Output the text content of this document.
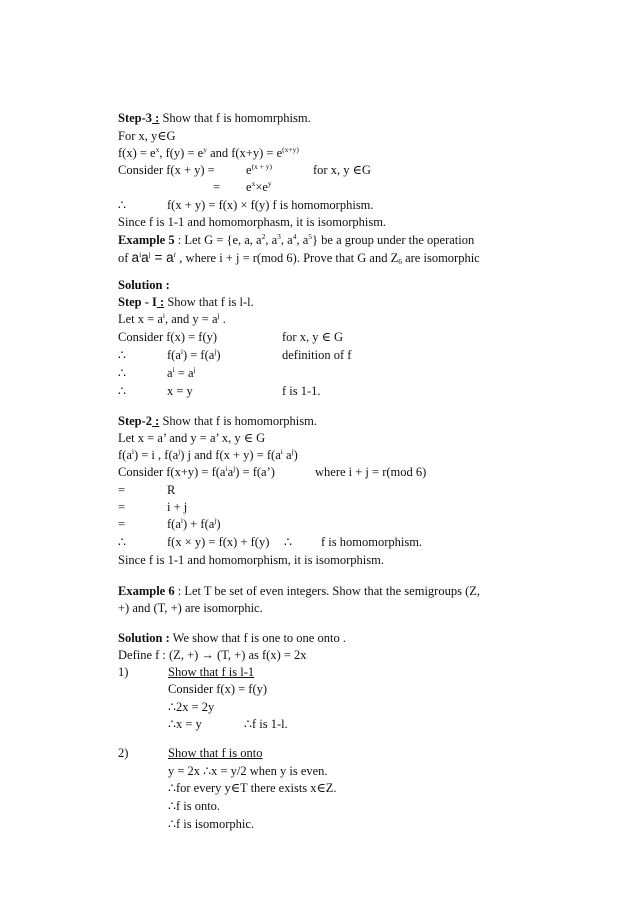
Step-3 : Show that f is homomrphism.
For x, y∈G
$f(x) = e^x$, $f(y) = e^y$ and $f(x+y) = e^{(x+y)}$
Consider f(x + y) =	$e^{(x + y)}$	for x, y ∈G
= $e^x\times e^y$
∴	f(x + y) = f(x) × f(y) f is homomorphism.
Since f is 1-1 and homomorphasm, it is isomorphism.
Example 5 : Let G = {e, a, $a^2$, $a^3$, $a^4$, $a^5$} be a group under the operation
of $a^ia^j = a^r$ , where i + j = r(mod 6). Prove that G and $Z_6$ are isomorphic
Solution :
Step - I : Show that f is l-l.
Let $x = a^i$, and $y = a^j$ .
Consider f(x) = f(y)	for x, y ∈ G
∴	$f(a^i) = f(a^j)$	definition of f
∴	$a^i = a^j$
∴	x = y	f is 1-1.
Step-2 : Show that f is homomorphism.
Let x = a’ and y = a’ x, y ∈ G
$f(a^i) = i$ , $f(a^j)$ j and $f(x + y) = f(a^i$ $a^j$)
Consider $f(x+y) = f(a^ia^j)$ = f(a’)	where i + j = r(mod 6)
=	R
=	i + j
=	$f(a^i) + f(a^j)$
∴	f(x × y) = f(x) + f(y) ∴ f is homomorphism.
Since f is 1-1 and homomorphism, it is isomorphism.
Example 6 : Let T be set of even integers. Show that the semigroups (Z,
+) and (T, +) are isomorphic.
Solution : We show that f is one to one onto .
Define f : (Z, +) → (T, +) as f(x) = 2x
1)	Show that f is l-1
Consider f(x) = f(y)
∴2x = 2y
∴x = y	∴f is 1-l.
2)	Show that f is onto
y = 2x ∴x = y/2 when y is even.
∴for every y∈T there exists x∈Z.
∴f is onto.
∴f is isomorphic.
